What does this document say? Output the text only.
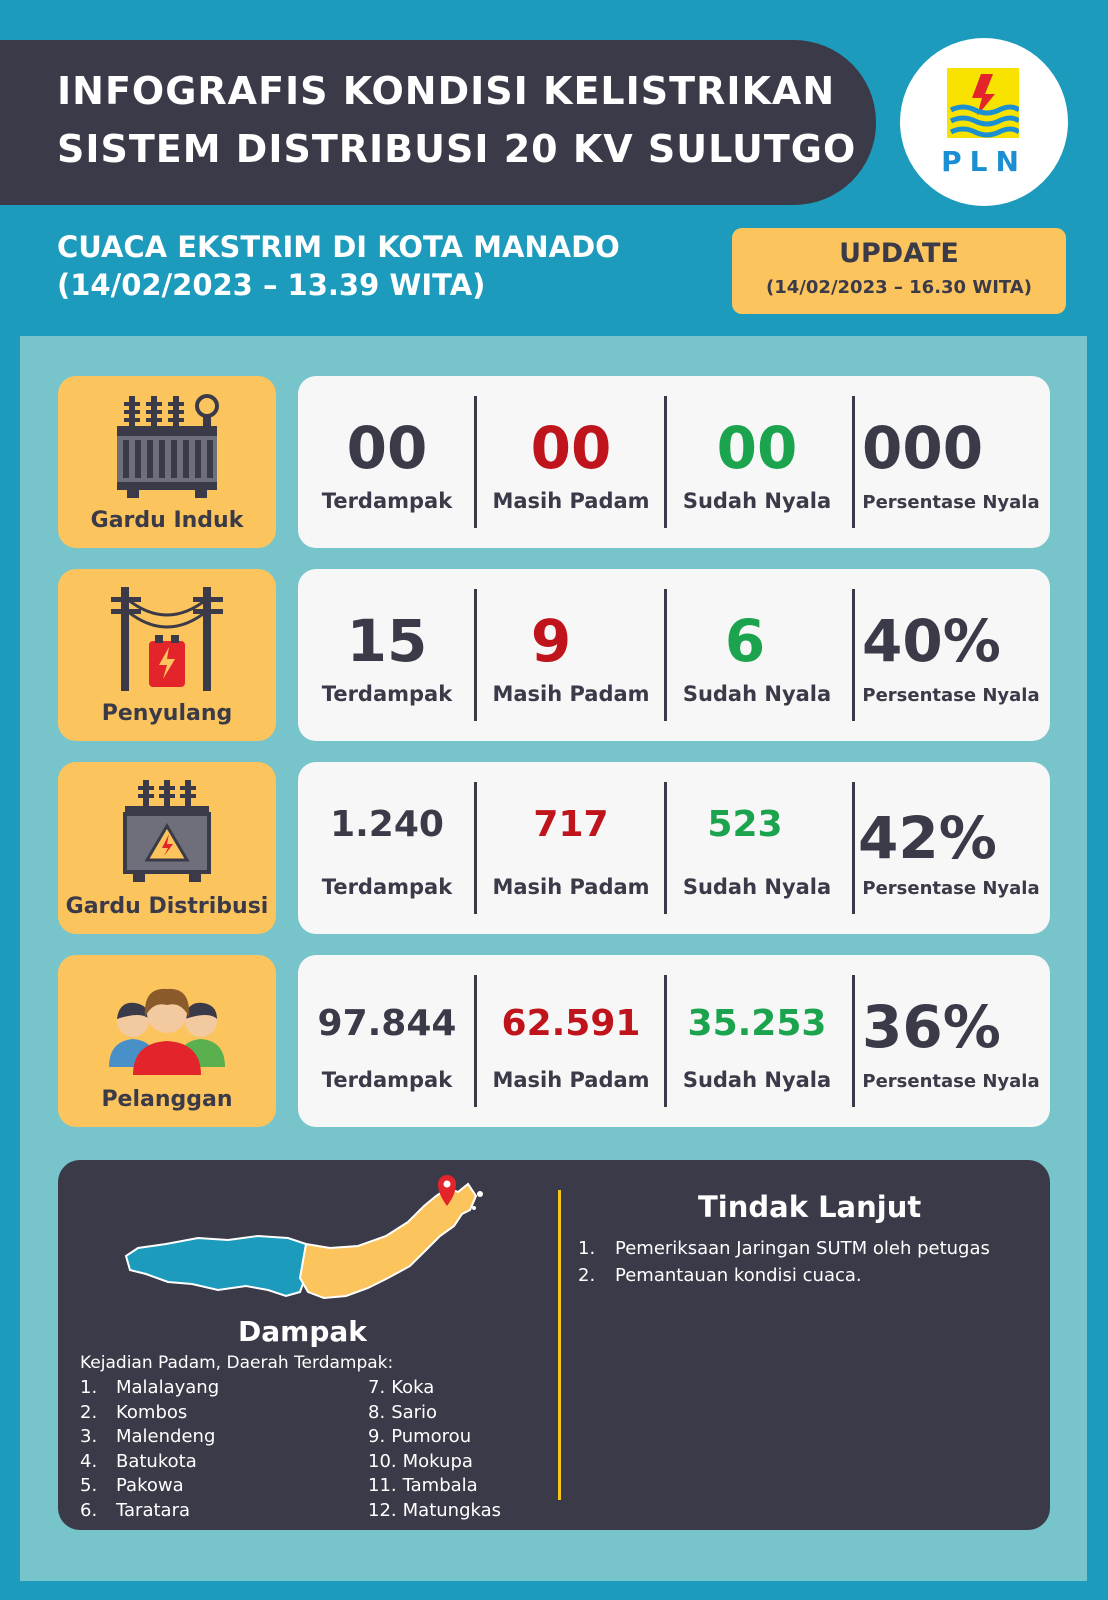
INFOGRAFIS KONDISI KELISTRIKAN
SISTEM DISTRIBUSI 20 KV SULUTGO	PLN
CUACA EKSTRIM DI KOTA MANADO
(14/02/2023 – 13.39 WITA)
UPDATE
(14/02/2023 – 16.30 WITA)
Gardu Induk
00
Terdampak
00
Masih Padam
00
Sudah Nyala
000
Persentase Nyala
Penyulang
15
Terdampak
9
Masih Padam
6
Sudah Nyala
40%
Persentase Nyala
Gardu Distribusi
1.240
Terdampak
717
Masih Padam
523
Sudah Nyala
42%
Persentase Nyala
Pelanggan
97.844
Terdampak
62.591
Masih Padam
35.253
Sudah Nyala
36%
Persentase Nyala
Dampak
Kejadian Padam, Daerah Terdampak:
1. Malalayang
2. Kombos
3. Malendeng
4. Batukota
5. Pakowa
6. Taratara
7. Koka
8. Sario
9. Pumorou
10. Mokupa
11. Tambala
12. Matungkas
Tindak Lanjut
1. Pemeriksaan Jaringan SUTM oleh petugas
2. Pemantauan kondisi cuaca.
